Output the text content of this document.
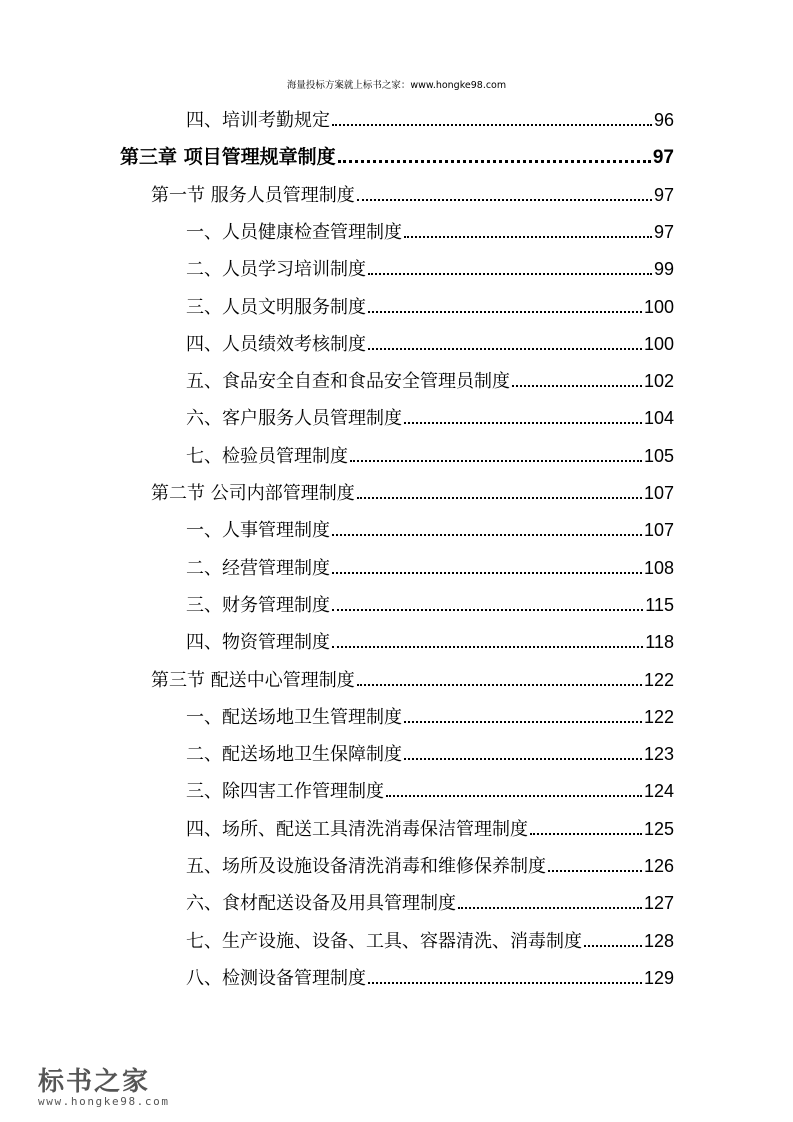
海量投标方案就上标书之家：www.hongke98.com
四、培训考勤规定	96
第三章 项目管理规章制度	97
第一节 服务人员管理制度	97
一、人员健康检查管理制度	97
二、人员学习培训制度	99
三、人员文明服务制度	100
四、人员绩效考核制度	100
五、食品安全自查和食品安全管理员制度	102
六、客户服务人员管理制度	104
七、检验员管理制度	105
第二节 公司内部管理制度	107
一、人事管理制度	107
二、经营管理制度	108
三、财务管理制度	115
四、物资管理制度	118
第三节 配送中心管理制度	122
一、配送场地卫生管理制度	122
二、配送场地卫生保障制度	123
三、除四害工作管理制度	124
四、场所、配送工具清洗消毒保洁管理制度	125
五、场所及设施设备清洗消毒和维修保养制度	126
六、食材配送设备及用具管理制度	127
七、生产设施、设备、工具、容器清洗、消毒制度	128
八、检测设备管理制度	129
标书之家
www.hongke98.com
